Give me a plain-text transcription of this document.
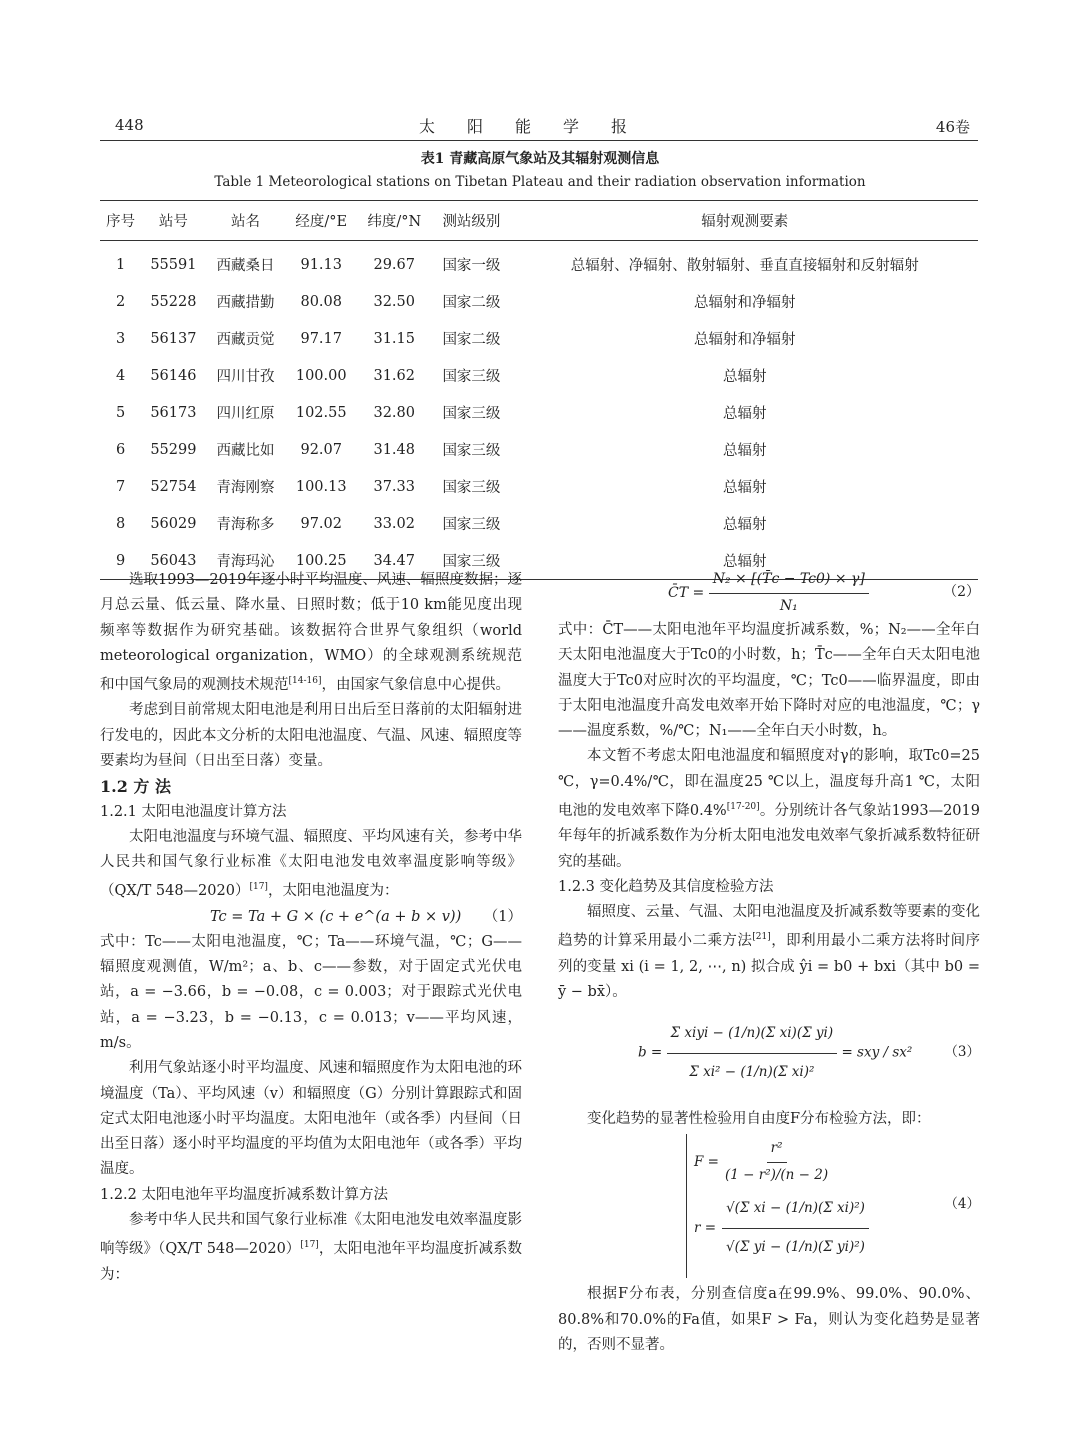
448	太阳能学报	46卷
表1 青藏高原气象站及其辐射观测信息
Table 1 Meteorological stations on Tibetan Plateau and their radiation observation information
序号	站号	站名	经度/°E	纬度/°N	测站级别	辐射观测要素
1	55591	西藏桑日	91.13	29.67	国家一级	总辐射、净辐射、散射辐射、垂直直接辐射和反射辐射
2	55228	西藏措勤	80.08	32.50	国家二级	总辐射和净辐射
3	56137	西藏贡觉	97.17	31.15	国家二级	总辐射和净辐射
4	56146	四川甘孜	100.00	31.62	国家三级	总辐射
5	56173	四川红原	102.55	32.80	国家三级	总辐射
6	55299	西藏比如	92.07	31.48	国家三级	总辐射
7	52754	青海刚察	100.13	37.33	国家三级	总辐射
8	56029	青海称多	97.02	33.02	国家三级	总辐射
9	56043	青海玛沁	100.25	34.47	国家三级	总辐射

选取1993—2019年逐小时平均温度、风速、辐照度数据；逐月总云量、低云量、降水量、日照时数；低于10 km能见度出现频率等数据作为研究基础。该数据符合世界气象组织（world meteorological organization，WMO）的全球观测系统规范和中国气象局的观测技术规范[14-16]，由国家气象信息中心提供。

考虑到目前常规太阳电池是利用日出后至日落前的太阳辐射进行发电的，因此本文分析的太阳电池温度、气温、风速、辐照度等要素均为昼间（日出至日落）变量。

1.2 方 法

1.2.1 太阳电池温度计算方法

太阳电池温度与环境气温、辐照度、平均风速有关，参考中华人民共和国气象行业标准《太阳电池发电效率温度影响等级》（QX/T 548—2020）[17]，太阳电池温度为：

Tc = Ta + G × (c + e^(a + b × v)) （1）

式中：Tc——太阳电池温度，℃；Ta——环境气温，℃；G——辐照度观测值，W/m²；a、b、c——参数，对于固定式光伏电站，a = −3.66，b = −0.08，c = 0.003；对于跟踪式光伏电站，a = −3.23，b = −0.13，c = 0.013；v——平均风速，m/s。

利用气象站逐小时平均温度、风速和辐照度作为太阳电池的环境温度（Ta）、平均风速（v）和辐照度（G）分别计算跟踪式和固定式太阳电池逐小时平均温度。太阳电池年（或各季）内昼间（日出至日落）逐小时平均温度的平均值为太阳电池年（或各季）平均温度。

1.2.2 太阳电池年平均温度折减系数计算方法

参考中华人民共和国气象行业标准《太阳电池发电效率温度影响等级》（QX/T 548—2020）[17]，太阳电池年平均温度折减系数为：

C̄T = $\frac{\text{N₂ × [(T̄c − Tc0) × γ]}}{\text{N₁}}$	（2）

式中：C̄T——太阳电池年平均温度折减系数，%；N₂——全年白天太阳电池温度大于Tc0的小时数，h；T̄c——全年白天太阳电池温度大于Tc0对应时次的平均温度，℃；Tc0——临界温度，即由于太阳电池温度升高发电效率开始下降时对应的电池温度，℃；γ——温度系数，%/℃；N₁——全年白天小时数，h。

本文暂不考虑太阳电池温度和辐照度对γ的影响，取Tc0=25 ℃，γ=0.4%/℃，即在温度25 ℃以上，温度每升高1 ℃，太阳电池的发电效率下降0.4%[17-20]。分别统计各气象站1993—2019年每年的折减系数作为分析太阳电池发电效率气象折减系数特征研究的基础。

1.2.3 变化趋势及其信度检验方法

辐照度、云量、气温、太阳电池温度及折减系数等要素的变化趋势的计算采用最小二乘方法[21]，即利用最小二乘方法将时间序列的变量 xi (i = 1, 2, ⋯, n) 拟合成 ŷi = b0 + bxi（其中 b0 = ȳ − bx̄）。

$b = \frac{\text{Σ xiyi − (1/n)(Σ xi)(Σ yi)}}{\text{Σ xi² − (1/n)(Σ xi)²}}$ = sxy / sx² （3）

变化趋势的显著性检验用自由度F分布检验方法，即：

$F = \frac{\text{r²}}{\text{(1 − r²)/(n − 2)}}$
$r = \frac{\text{√(Σ xi − (1/n)(Σ xi)²)}}{\text{√(Σ yi − (1/n)(Σ yi)²)}}$	（4）

根据F分布表，分别查信度a在99.9%、99.0%、90.0%、80.8%和70.0%的Fa值，如果F > Fa，则认为变化趋势是显著的，否则不显著。
